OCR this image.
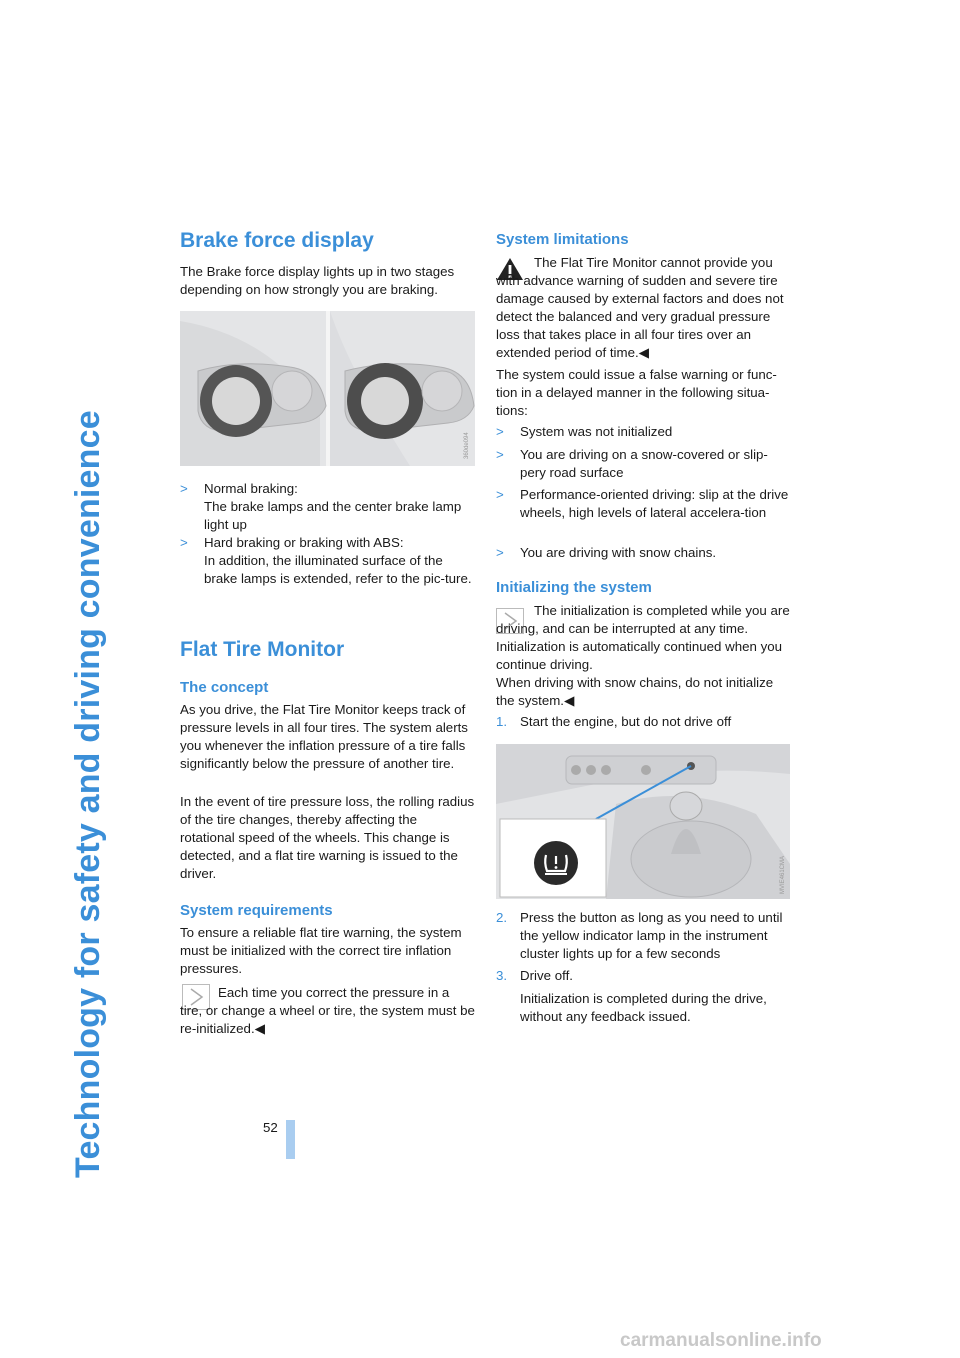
Technology for safety and driving convenience
Brake force display

The Brake force display lights up in two stages depending on how strongly you are braking.

360de094
> Normal braking:
The brake lamps and the center brake lamp light up
> Hard braking or braking with ABS:
In addition, the illuminated surface of the brake lamps is extended, refer to the pic-ture.
Flat Tire Monitor
The concept

As you drive, the Flat Tire Monitor keeps track of pressure levels in all four tires. The system alerts you whenever the inflation pressure of a tire falls significantly below the pressure of another tire.

In the event of tire pressure loss, the rolling radius of the tire changes, thereby affecting the rotational speed of the wheels. This change is detected, and a flat tire warning is issued to the driver.

System requirements

To ensure a reliable flat tire warning, the system must be initialized with the correct tire inflation pressures.

Each time you correct the pressure in a tire, or change a wheel or tire, the system must be re-initialized.◀

System limitations

The Flat Tire Monitor cannot provide you with advance warning of sudden and severe tire damage caused by external factors and does not detect the balanced and very gradual pressure loss that takes place in all four tires over an extended period of time.◀

The system could issue a false warning or func-tion in a delayed manner in the following situa-tions:

> System was not initialized
> You are driving on a snow-covered or slip-pery road surface
> Performance-oriented driving: slip at the drive wheels, high levels of lateral accelera-tion
> You are driving with snow chains.
Initializing the system

The initialization is completed while you are driving, and can be interrupted at any time. Initialization is automatically continued when you continue driving.

When driving with snow chains, do not initialize the system.◀

1. Start the engine, but do not drive off
MVIE461CMA
2. Press the button as long as you need to until the yellow indicator lamp in the instrument cluster lights up for a few seconds
3. Drive off.

Initialization is completed during the drive, without any feedback issued.

52
carmanualsonline.info
